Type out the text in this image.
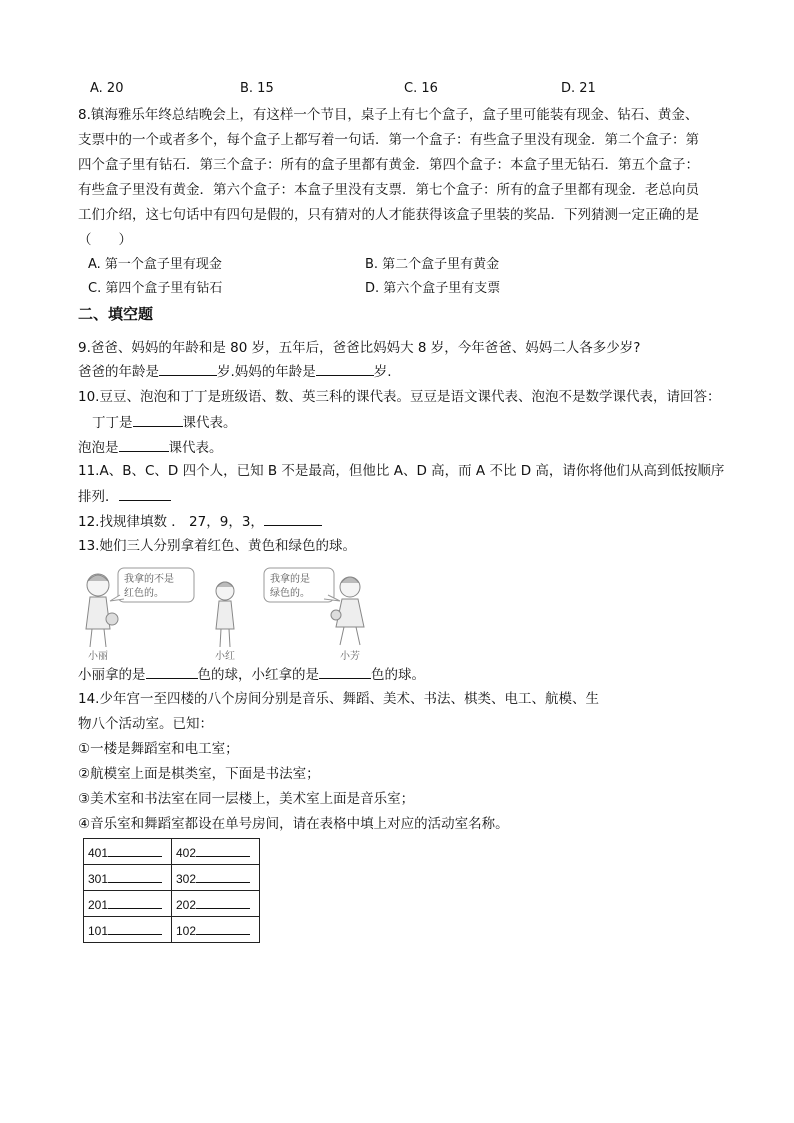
A. 20	B. 15	C. 16	D. 21
8.镇海雅乐年终总结晚会上，有这样一个节目，桌子上有七个盒子，盒子里可能装有现金、钻石、黄金、
支票中的一个或者多个，每个盒子上都写着一句话．第一个盒子：有些盒子里没有现金．第二个盒子：第
四个盒子里有钻石．第三个盒子：所有的盒子里都有黄金．第四个盒子：本盒子里无钻石．第五个盒子：
有些盒子里没有黄金．第六个盒子：本盒子里没有支票．第七个盒子：所有的盒子里都有现金．老总向员
工们介绍，这七句话中有四句是假的，只有猜对的人才能获得该盒子里装的奖品．下列猜测一定正确的是
（　　）
A. 第一个盒子里有现金	B. 第二个盒子里有黄金
C. 第四个盒子里有钻石	D. 第六个盒子里有支票
二、填空题
9.爸爸、妈妈的年龄和是 80 岁，五年后，爸爸比妈妈大 8 岁，今年爸爸、妈妈二人各多少岁?
爸爸的年龄是	岁.妈妈的年龄是	岁.
10.豆豆、泡泡和丁丁是班级语、数、英三科的课代表。豆豆是语文课代表、泡泡不是数学课代表，请回答：
丁丁是	课代表。
泡泡是	课代表。
11.A、B、C、D 四个人，已知 B 不是最高，但他比 A、D 高，而 A 不比 D 高，请你将他们从高到低按顺序
排列．
12.找规律填数 ． 27，9，3，
13.她们三人分别拿着红色、黄色和绿色的球。
我拿的不是
红色的。
我拿的是
绿色的。
小丽	小红	小芳
小丽拿的是	色的球，小红拿的是	色的球。
14.少年宫一至四楼的八个房间分别是音乐、舞蹈、美术、书法、棋类、电工、航模、生
物八个活动室。已知：
①一楼是舞蹈室和电工室；
②航模室上面是棋类室，下面是书法室；
③美术室和书法室在同一层楼上，美术室上面是音乐室；
④音乐室和舞蹈室都设在单号房间，请在表格中填上对应的活动室名称。
401	402
301	302
201	202
101	102
